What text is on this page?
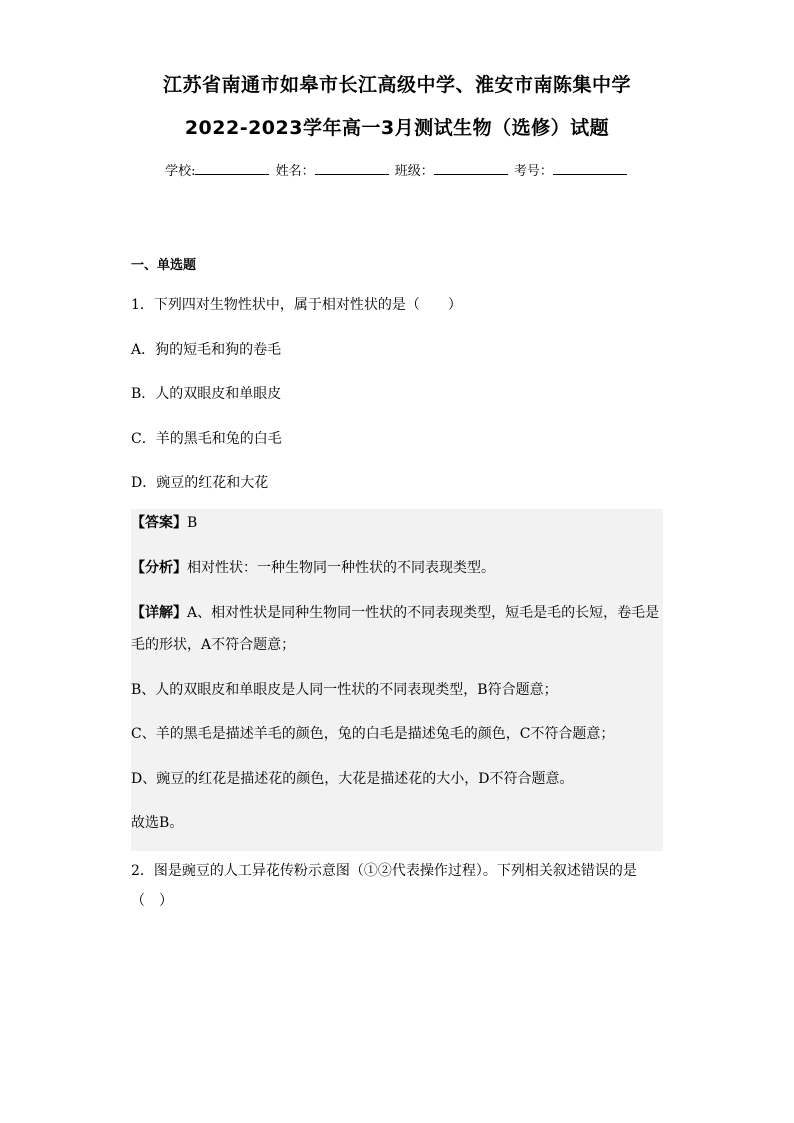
江苏省南通市如皋市长江高级中学、淮安市南陈集中学
2022-2023学年高一3月测试生物（选修）试题
学校:	姓名：	班级：	考号：
一、单选题
1．下列四对生物性状中，属于相对性状的是（　　）
A．狗的短毛和狗的卷毛
B．人的双眼皮和单眼皮
C．羊的黑毛和兔的白毛
D．豌豆的红花和大花
【答案】B
【分析】相对性状：一种生物同一种性状的不同表现类型。
【详解】A、相对性状是同种生物同一性状的不同表现类型，短毛是毛的长短，卷毛是
毛的形状，A不符合题意；
B、人的双眼皮和单眼皮是人同一性状的不同表现类型，B符合题意；
C、羊的黑毛是描述羊毛的颜色，兔的白毛是描述兔毛的颜色，C不符合题意；
D、豌豆的红花是描述花的颜色，大花是描述花的大小，D不符合题意。
故选B。
2．图是豌豆的人工异花传粉示意图（①②代表操作过程）。下列相关叙述错误的是
（　）
